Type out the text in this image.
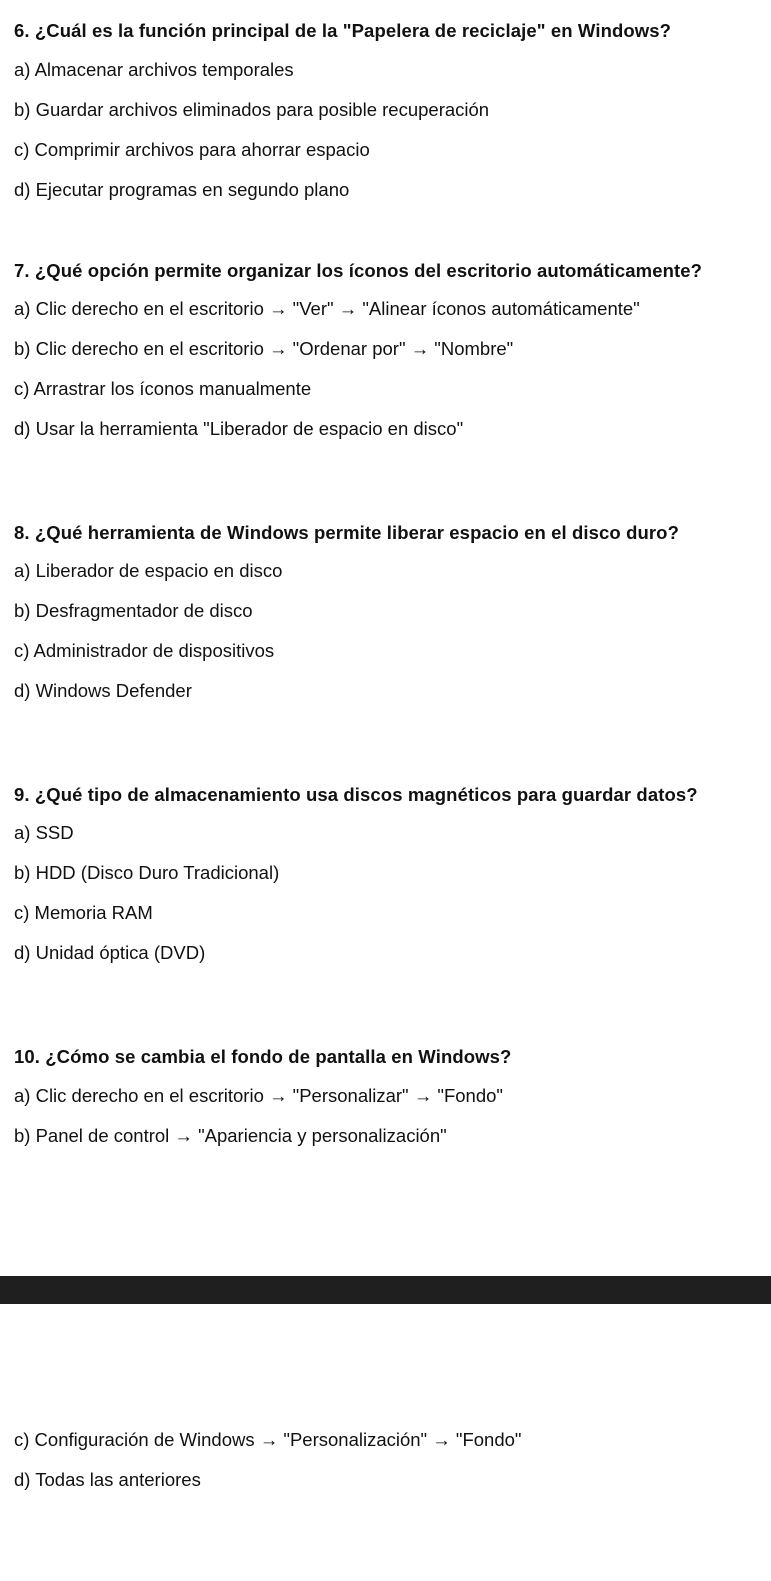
6. ¿Cuál es la función principal de la "Papelera de reciclaje" en Windows?

a) Almacenar archivos temporales

b) Guardar archivos eliminados para posible recuperación

c) Comprimir archivos para ahorrar espacio

d) Ejecutar programas en segundo plano

7. ¿Qué opción permite organizar los íconos del escritorio automáticamente?

a) Clic derecho en el escritorio → "Ver" → "Alinear íconos automáticamente"

b) Clic derecho en el escritorio → "Ordenar por" → "Nombre"

c) Arrastrar los íconos manualmente

d) Usar la herramienta "Liberador de espacio en disco"

8. ¿Qué herramienta de Windows permite liberar espacio en el disco duro?

a) Liberador de espacio en disco

b) Desfragmentador de disco

c) Administrador de dispositivos

d) Windows Defender

9. ¿Qué tipo de almacenamiento usa discos magnéticos para guardar datos?

a) SSD

b) HDD (Disco Duro Tradicional)

c) Memoria RAM

d) Unidad óptica (DVD)

10. ¿Cómo se cambia el fondo de pantalla en Windows?

a) Clic derecho en el escritorio → "Personalizar" → "Fondo"

b) Panel de control → "Apariencia y personalización"

c) Configuración de Windows → "Personalización" → "Fondo"

d) Todas las anteriores
